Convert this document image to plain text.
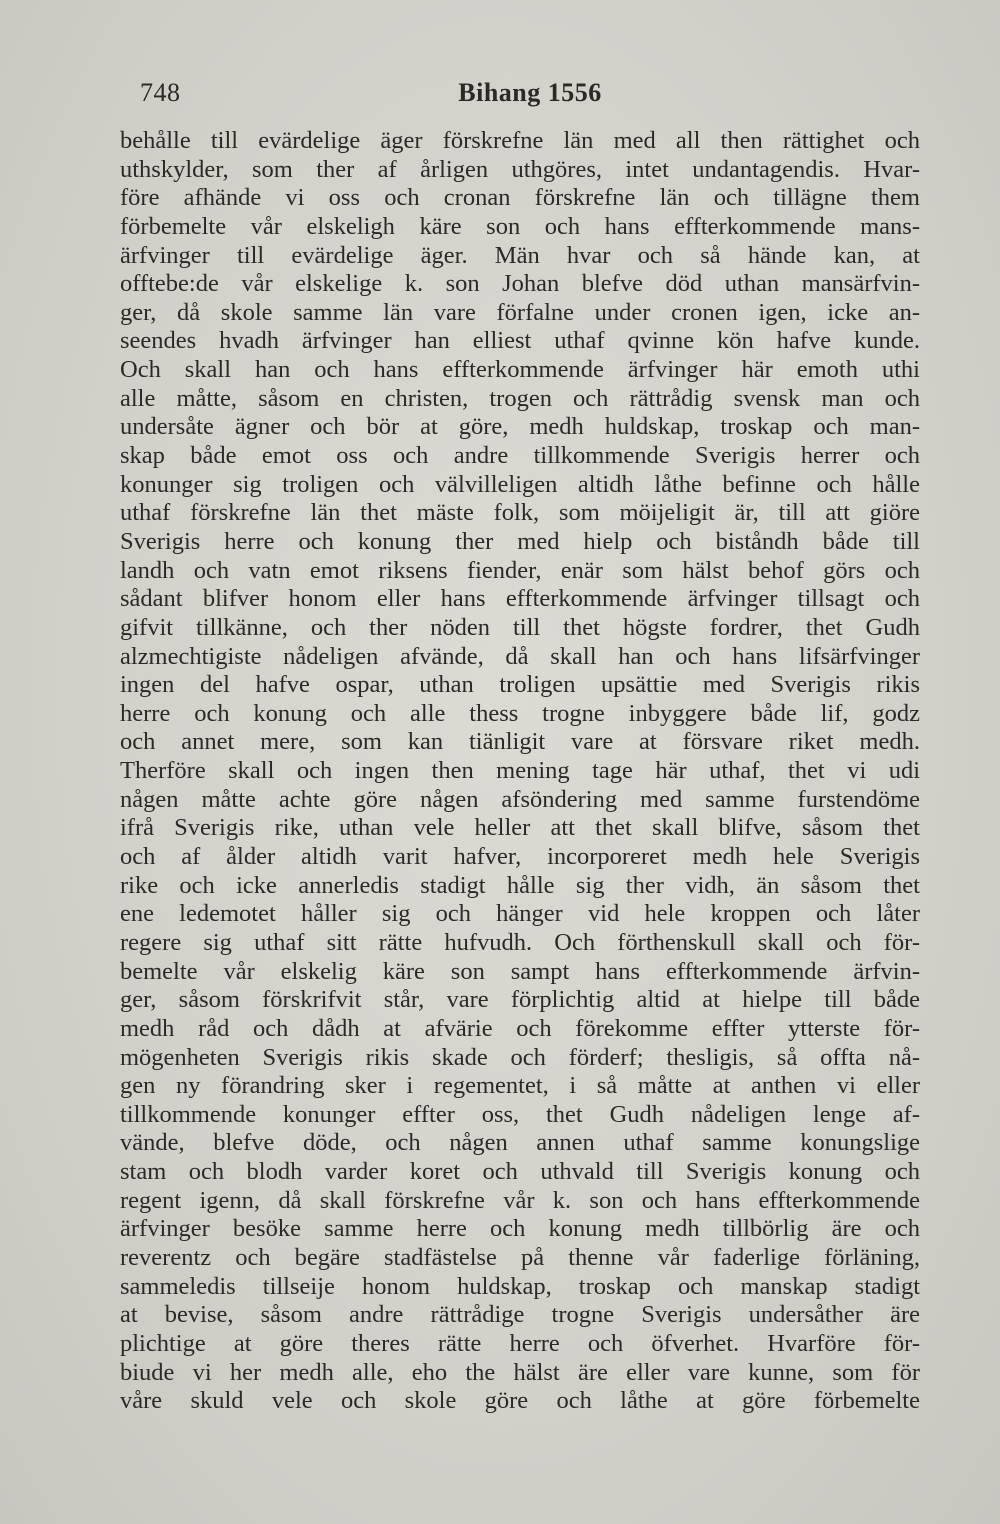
748	Bihang 1556
behålle till evärdelige äger förskrefne län med all then rättighet och
uthskylder, som ther af årligen uthgöres, intet undantagendis. Hvar-
före afhände vi oss och cronan förskrefne län och tillägne them
förbemelte vår elskeligh käre son och hans effterkommende mans-
ärfvinger till evärdelige äger. Män hvar och så hände kan, at
offtebe:de vår elskelige k. son Johan blefve död uthan mansärfvin-
ger, då skole samme län vare förfalne under cronen igen, icke an-
seendes hvadh ärfvinger han elliest uthaf qvinne kön hafve kunde.
Och skall han och hans effterkommende ärfvinger här emoth uthi
alle måtte, såsom en christen, trogen och rättrådig svensk man och
undersåte ägner och bör at göre, medh huldskap, troskap och man-
skap både emot oss och andre tillkommende Sverigis herrer och
konunger sig troligen och välvilleligen altidh låthe befinne och hålle
uthaf förskrefne län thet mäste folk, som möijeligit är, till att giöre
Sverigis herre och konung ther med hielp och biståndh både till
landh och vatn emot riksens fiender, enär som hälst behof görs och
sådant blifver honom eller hans effterkommende ärfvinger tillsagt och
gifvit tillkänne, och ther nöden till thet högste fordrer, thet Gudh
alzmechtigiste nådeligen afvände, då skall han och hans lifsärfvinger
ingen del hafve ospar, uthan troligen upsättie med Sverigis rikis
herre och konung och alle thess trogne inbyggere både lif, godz
och annet mere, som kan tiänligit vare at försvare riket medh.
Therföre skall och ingen then mening tage här uthaf, thet vi udi
någen måtte achte göre någen afsöndering med samme furstendöme
ifrå Sverigis rike, uthan vele heller att thet skall blifve, såsom thet
och af ålder altidh varit hafver, incorporeret medh hele Sverigis
rike och icke annerledis stadigt hålle sig ther vidh, än såsom thet
ene ledemotet håller sig och hänger vid hele kroppen och låter
regere sig uthaf sitt rätte hufvudh. Och förthenskull skall och för-
bemelte vår elskelig käre son sampt hans effterkommende ärfvin-
ger, såsom förskrifvit står, vare förplichtig altid at hielpe till både
medh råd och dådh at afvärie och förekomme effter ytterste för-
mögenheten Sverigis rikis skade och förderf; thesligis, så offta nå-
gen ny förandring sker i regementet, i så måtte at anthen vi eller
tillkommende konunger effter oss, thet Gudh nådeligen lenge af-
vände, blefve döde, och någen annen uthaf samme konungslige
stam och blodh varder koret och uthvald till Sverigis konung och
regent igenn, då skall förskrefne vår k. son och hans effterkommende
ärfvinger besöke samme herre och konung medh tillbörlig äre och
reverentz och begäre stadfästelse på thenne vår faderlige förläning,
sammeledis tillseije honom huldskap, troskap och manskap stadigt
at bevise, såsom andre rättrådige trogne Sverigis undersåther äre
plichtige at göre theres rätte herre och öfverhet. Hvarföre för-
biude vi her medh alle, eho the hälst äre eller vare kunne, som för
våre skuld vele och skole göre och låthe at göre förbemelte
